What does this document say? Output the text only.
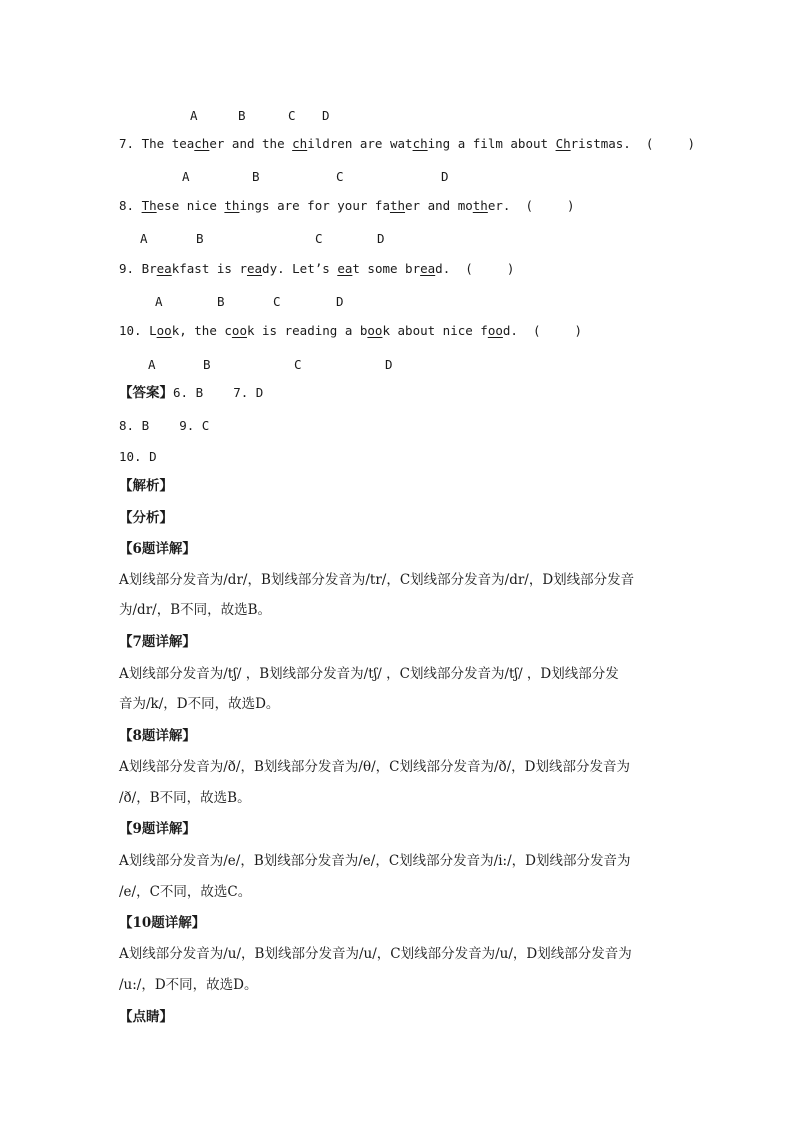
A	B	C D
7. The teacher and the children are watching a film about Christmas. (	)
A	B	C	D
8. These nice things are for your father and mother. (	)
A	B	C	D
9. Breakfast is ready. Let’s eat some bread. (	)
A	B	C	D
10. Look, the cook is reading a book about nice food. (	)
A	B	C	D
【答案】6. B    7. D
8. B    9. C
10. D
【解析】
【分析】
【6题详解】
A划线部分发音为/dr/，B划线部分发音为/tr/，C划线部分发音为/dr/，D划线部分发音
为/dr/，B不同，故选B。
【7题详解】
A划线部分发音为/tʃ/ ，B划线部分发音为/tʃ/ ，C划线部分发音为/tʃ/ ，D划线部分发
音为/k/，D不同，故选D。
【8题详解】
A划线部分发音为/ð/，B划线部分发音为/θ/，C划线部分发音为/ð/，D划线部分发音为
/ð/，B不同，故选B。
【9题详解】
A划线部分发音为/e/，B划线部分发音为/e/，C划线部分发音为/i:/，D划线部分发音为
/e/，C不同，故选C。
【10题详解】
A划线部分发音为/u/，B划线部分发音为/u/，C划线部分发音为/u/，D划线部分发音为
/u:/，D不同，故选D。
【点睛】
